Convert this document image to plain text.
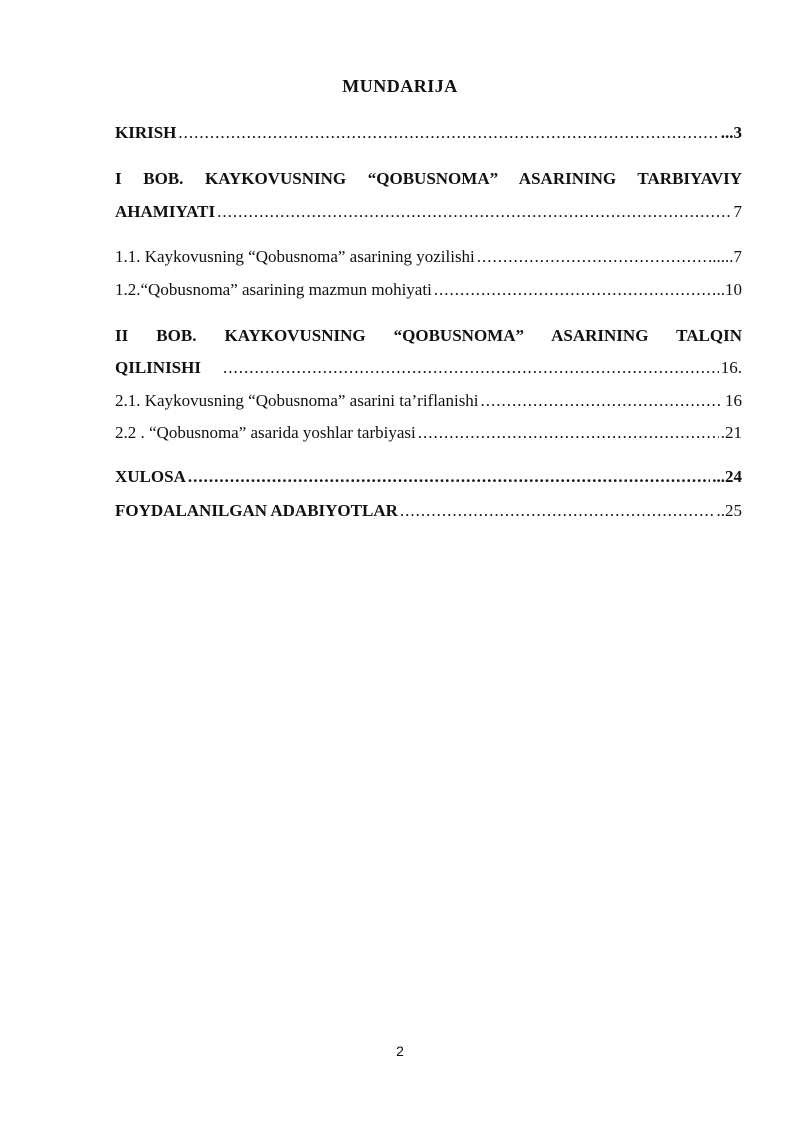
MUNDARIJA
KIRISH .....	...3
I BOB. KAYKOVUSNING “QOBUSNOMA” ASARINING TARBIYAVIY
AHAMIYATI .....	7
1.1. Kaykovusning “Qobusnoma” asarining yozilishi .....	......7
1.2.“Qobusnoma” asarining mazmun mohiyati .....	..10
II BOB. KAYKOVUSNING “QOBUSNOMA” ASARINING TALQIN
QILINISHI .....	16.
2.1. Kaykovusning “Qobusnoma” asarini ta’riflanishi .....	16
2.2 . “Qobusnoma” asarida yoshlar tarbiyasi .....	.21
XULOSA .....	...24
FOYDALANILGAN ADABIYOTLAR .....	..25
2
